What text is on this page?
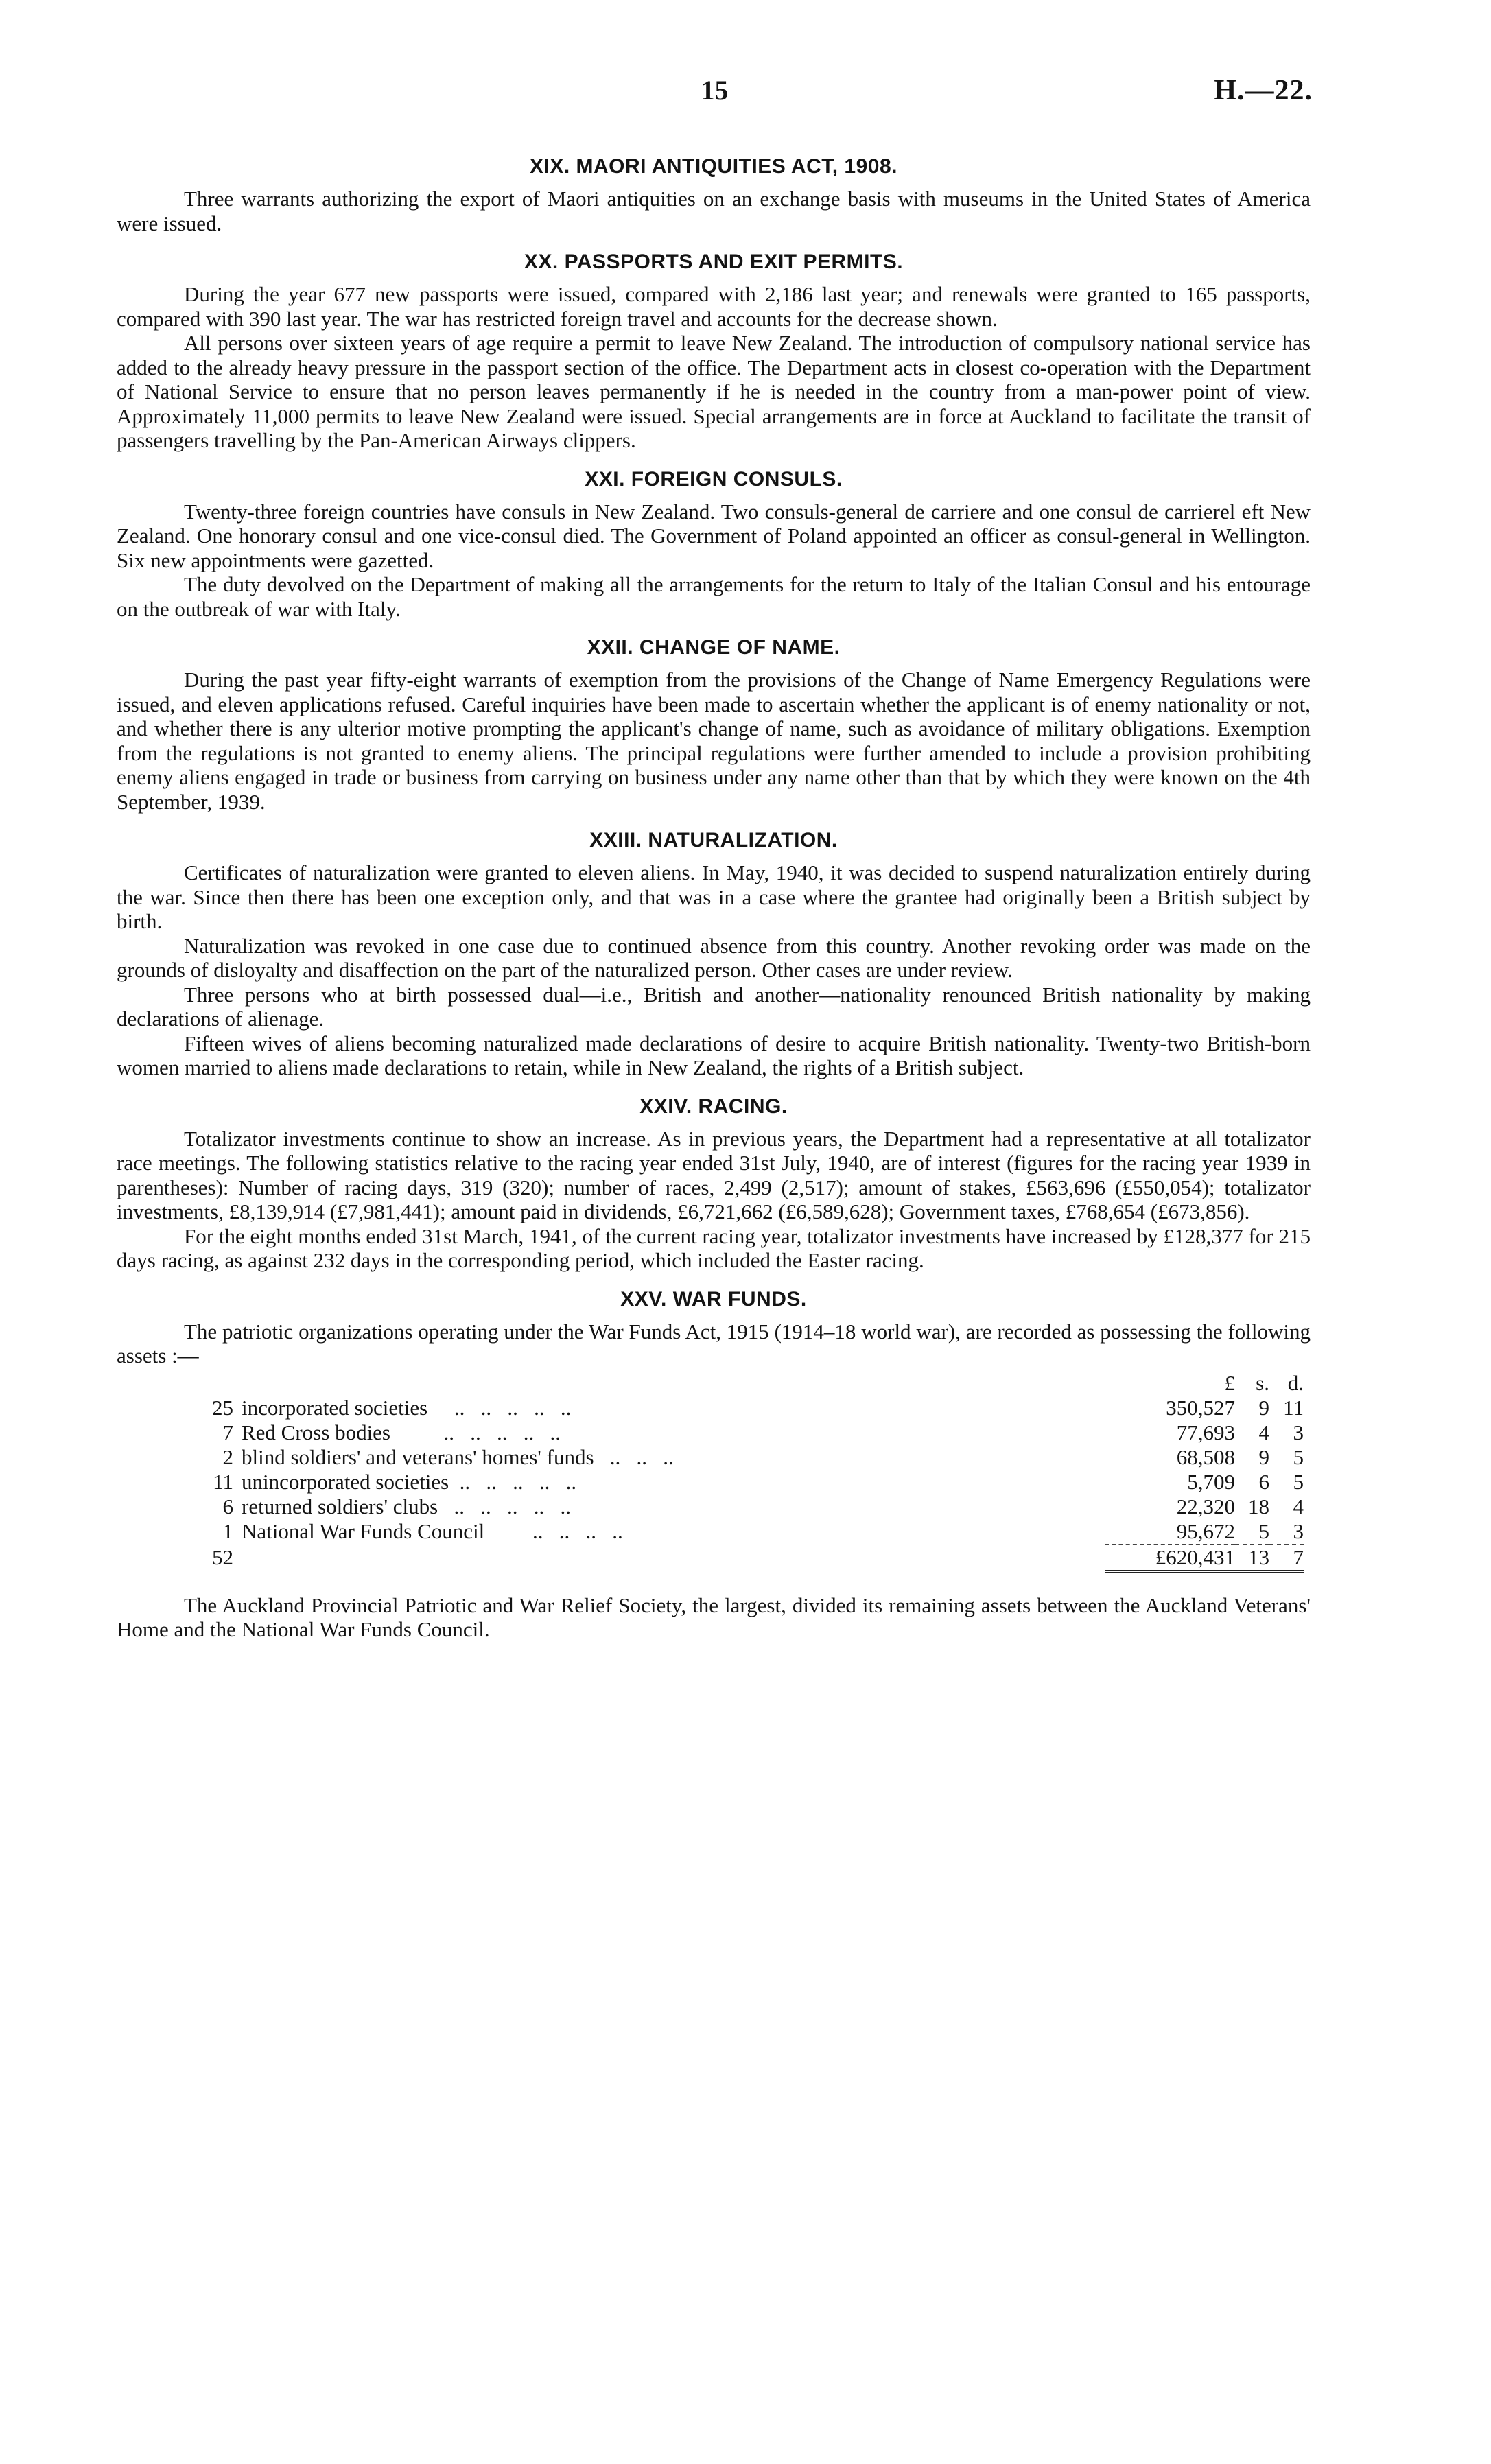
15	H.—22.
XIX. MAORI ANTIQUITIES ACT, 1908.

Three warrants authorizing the export of Maori antiquities on an exchange basis with museums in the United States of America were issued.

XX. PASSPORTS AND EXIT PERMITS.

During the year 677 new passports were issued, compared with 2,186 last year; and renewals were granted to 165 passports, compared with 390 last year. The war has restricted foreign travel and accounts for the decrease shown.

All persons over sixteen years of age require a permit to leave New Zealand. The introduction of compulsory national service has added to the already heavy pressure in the passport section of the office. The Department acts in closest co-operation with the Department of National Service to ensure that no person leaves permanently if he is needed in the country from a man-power point of view. Approximately 11,000 permits to leave New Zealand were issued. Special arrangements are in force at Auckland to facilitate the transit of passengers travelling by the Pan-American Airways clippers.

XXI. FOREIGN CONSULS.

Twenty-three foreign countries have consuls in New Zealand. Two consuls-general de carriere and one consul de carrierel eft New Zealand. One honorary consul and one vice-consul died. The Government of Poland appointed an officer as consul-general in Wellington. Six new appointments were gazetted.

The duty devolved on the Department of making all the arrangements for the return to Italy of the Italian Consul and his entourage on the outbreak of war with Italy.

XXII. CHANGE OF NAME.

During the past year fifty-eight warrants of exemption from the provisions of the Change of Name Emergency Regulations were issued, and eleven applications refused. Careful inquiries have been made to ascertain whether the applicant is of enemy nationality or not, and whether there is any ulterior motive prompting the applicant's change of name, such as avoidance of military obligations. Exemption from the regulations is not granted to enemy aliens. The principal regulations were further amended to include a provision prohibiting enemy aliens engaged in trade or business from carrying on business under any name other than that by which they were known on the 4th September, 1939.

XXIII. NATURALIZATION.

Certificates of naturalization were granted to eleven aliens. In May, 1940, it was decided to suspend naturalization entirely during the war. Since then there has been one exception only, and that was in a case where the grantee had originally been a British subject by birth.

Naturalization was revoked in one case due to continued absence from this country. Another revoking order was made on the grounds of disloyalty and disaffection on the part of the naturalized person. Other cases are under review.

Three persons who at birth possessed dual—i.e., British and another—nationality renounced British nationality by making declarations of alienage.

Fifteen wives of aliens becoming naturalized made declarations of desire to acquire British nationality. Twenty-two British-born women married to aliens made declarations to retain, while in New Zealand, the rights of a British subject.

XXIV. RACING.

Totalizator investments continue to show an increase. As in previous years, the Department had a representative at all totalizator race meetings. The following statistics relative to the racing year ended 31st July, 1940, are of interest (figures for the racing year 1939 in parentheses): Number of racing days, 319 (320); number of races, 2,499 (2,517); amount of stakes, £563,696 (£550,054); totalizator investments, £8,139,914 (£7,981,441); amount paid in dividends, £6,721,662 (£6,589,628); Government taxes, £768,654 (£673,856).

For the eight months ended 31st March, 1941, of the current racing year, totalizator investments have increased by £128,377 for 215 days racing, as against 232 days in the corresponding period, which included the Easter racing.

XXV. WAR FUNDS.

The patriotic organizations operating under the War Funds Act, 1915 (1914–18 world war), are recorded as possessing the following assets :—

		£	s.	d.
25	incorporated societies ..   ..   ..   ..   ..	350,527	9	11
7	Red Cross bodies ..   ..   ..   ..   ..	77,693	4	3
2	blind soldiers' and veterans' homes' funds ..   ..   ..	68,508	9	5
11	unincorporated societies ..   ..   ..   ..   ..	5,709	6	5
6	returned soldiers' clubs ..   ..   ..   ..   ..	22,320	18	4
1	National War Funds Council ..   ..   ..   ..	95,672	5	3
52		£620,431	13	7

The Auckland Provincial Patriotic and War Relief Society, the largest, divided its remaining assets between the Auckland Veterans' Home and the National War Funds Council.
